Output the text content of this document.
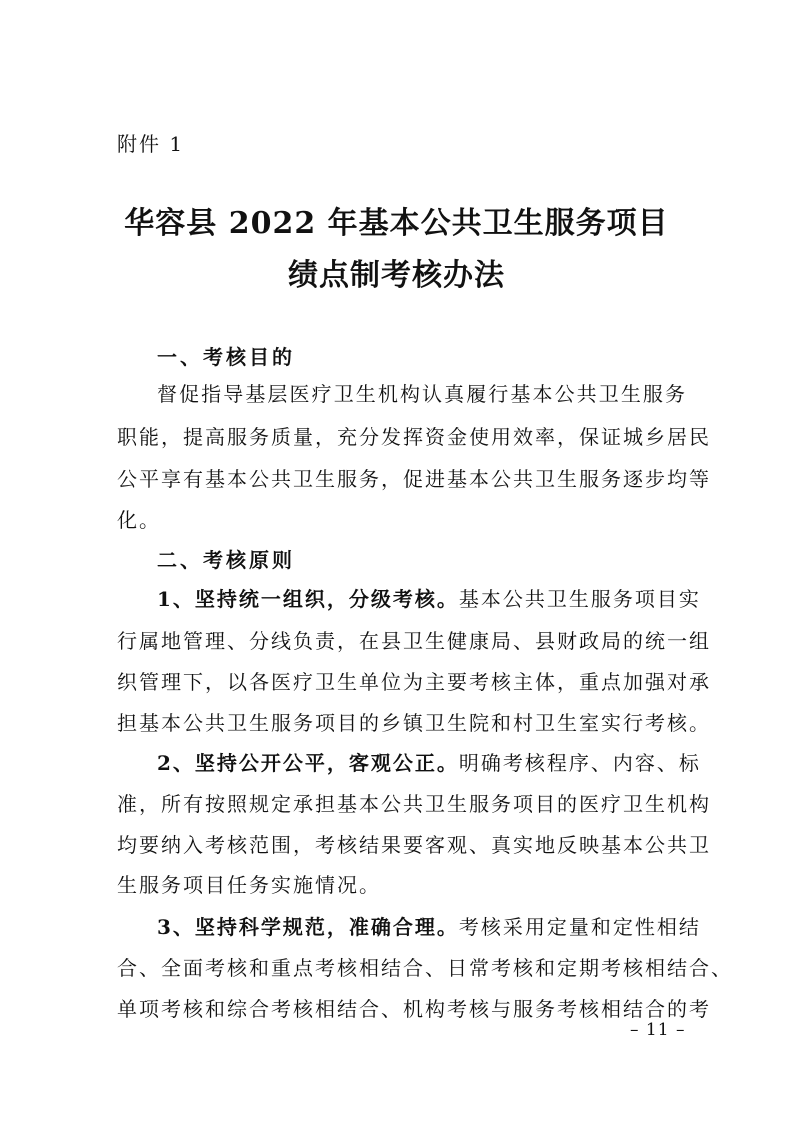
附件 1
华容县 2022 年基本公共卫生服务项目
绩点制考核办法
一、考核目的
督促指导基层医疗卫生机构认真履行基本公共卫生服务
职能，提高服务质量，充分发挥资金使用效率，保证城乡居民
公平享有基本公共卫生服务，促进基本公共卫生服务逐步均等
化。
二、考核原则
1、坚持统一组织，分级考核。基本公共卫生服务项目实
行属地管理、分线负责，在县卫生健康局、县财政局的统一组
织管理下，以各医疗卫生单位为主要考核主体，重点加强对承
担基本公共卫生服务项目的乡镇卫生院和村卫生室实行考核。
2、坚持公开公平，客观公正。明确考核程序、内容、标
准，所有按照规定承担基本公共卫生服务项目的医疗卫生机构
均要纳入考核范围，考核结果要客观、真实地反映基本公共卫
生服务项目任务实施情况。
3、坚持科学规范，准确合理。考核采用定量和定性相结
合、全面考核和重点考核相结合、日常考核和定期考核相结合、
单项考核和综合考核相结合、机构考核与服务考核相结合的考
– 11 –
